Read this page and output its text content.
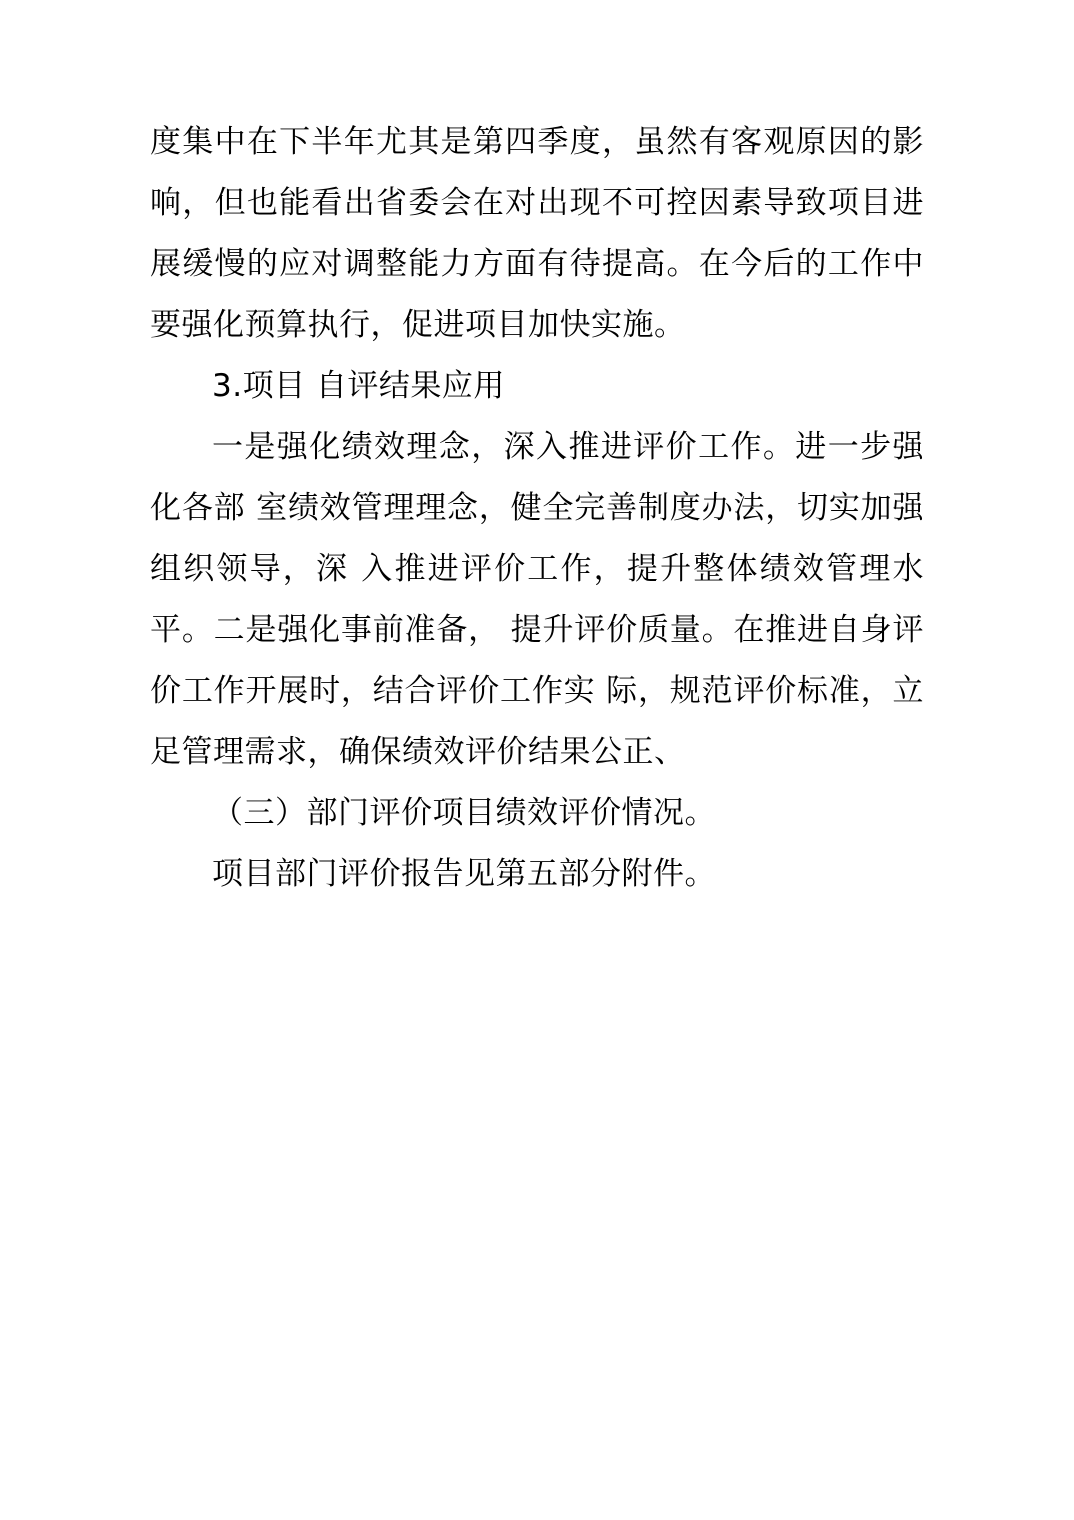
度集中在下半年尤其是第四季度，虽然有客观原因的影响，但也能看出省委会在对出现不可控因素导致项目进展缓慢的应对调整能力方面有待提高。在今后的工作中要强化预算执行，促进项目加快实施。

3.项目 自评结果应用

一是强化绩效理念，深入推进评价工作。进一步强化各部 室绩效管理理念，健全完善制度办法，切实加强组织领导，深 入推进评价工作，提升整体绩效管理水平。二是强化事前准备， 提升评价质量。在推进自身评价工作开展时，结合评价工作实 际，规范评价标准，立足管理需求，确保绩效评价结果公正、

（三）部门评价项目绩效评价情况。

项目部门评价报告见第五部分附件。
